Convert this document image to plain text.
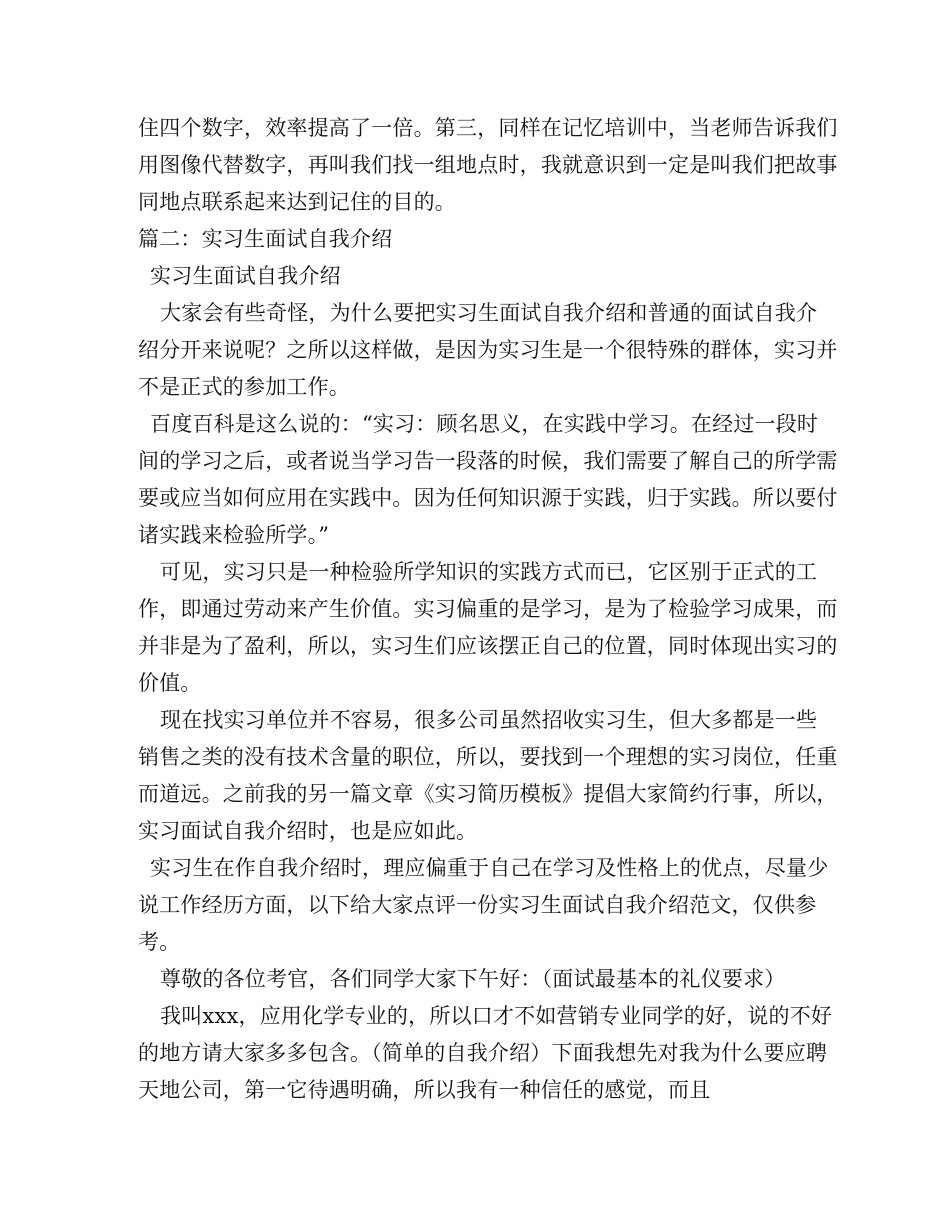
住四个数字，效率提高了一倍。第三，同样在记忆培训中，当老师告诉我们用图像代替数字，再叫我们找一组地点时，我就意识到一定是叫我们把故事同地点联系起来达到记住的目的。

篇二：实习生面试自我介绍

实习生面试自我介绍

大家会有些奇怪，为什么要把实习生面试自我介绍和普通的面试自我介绍分开来说呢？之所以这样做，是因为实习生是一个很特殊的群体，实习并不是正式的参加工作。

百度百科是这么说的：“实习：顾名思义，在实践中学习。在经过一段时间的学习之后，或者说当学习告一段落的时候，我们需要了解自己的所学需要或应当如何应用在实践中。因为任何知识源于实践，归于实践。所以要付诸实践来检验所学。”

可见，实习只是一种检验所学知识的实践方式而已，它区别于正式的工作，即通过劳动来产生价值。实习偏重的是学习，是为了检验学习成果，而并非是为了盈利，所以，实习生们应该摆正自己的位置，同时体现出实习的价值。

现在找实习单位并不容易，很多公司虽然招收实习生，但大多都是一些销售之类的没有技术含量的职位，所以，要找到一个理想的实习岗位，任重而道远。之前我的另一篇文章《实习简历模板》提倡大家简约行事，所以，实习面试自我介绍时，也是应如此。

实习生在作自我介绍时，理应偏重于自己在学习及性格上的优点，尽量少说工作经历方面，以下给大家点评一份实习生面试自我介绍范文，仅供参考。

尊敬的各位考官，各们同学大家下午好：（面试最基本的礼仪要求）

我叫xxx，应用化学专业的，所以口才不如营销专业同学的好，说的不好的地方请大家多多包含。（简单的自我介绍）下面我想先对我为什么要应聘天地公司，第一它待遇明确，所以我有一种信任的感觉，而且
